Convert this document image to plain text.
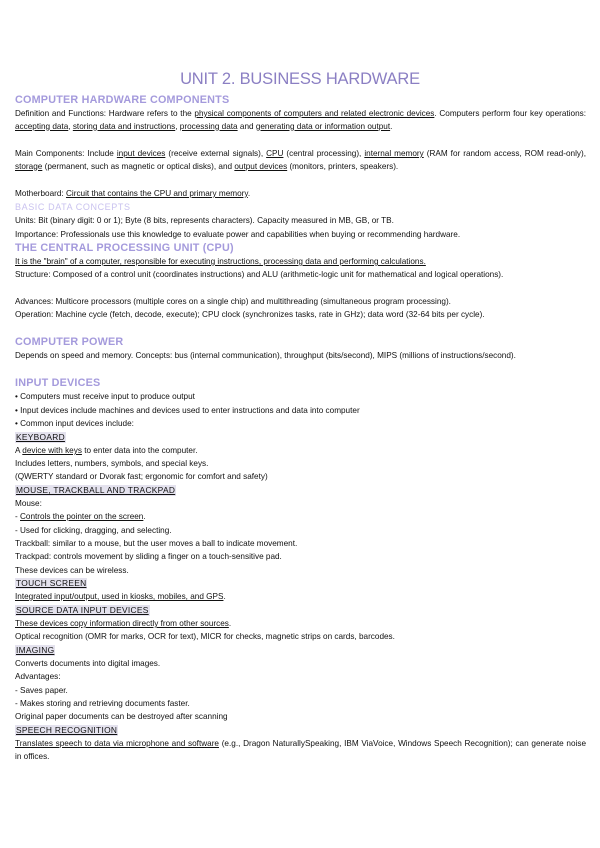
UNIT 2. BUSINESS HARDWARE
COMPUTER HARDWARE COMPONENTS
Definition and Functions: Hardware refers to the physical components of computers and related electronic devices. Computers perform four key operations: accepting data, storing data and instructions, processing data and generating data or information output.
Main Components: Include input devices (receive external signals), CPU (central processing), internal memory (RAM for random access, ROM read-only), storage (permanent, such as magnetic or optical disks), and output devices (monitors, printers, speakers).
Motherboard: Circuit that contains the CPU and primary memory.
BASIC DATA CONCEPTS
Units: Bit (binary digit: 0 or 1); Byte (8 bits, represents characters). Capacity measured in MB, GB, or TB.
Importance: Professionals use this knowledge to evaluate power and capabilities when buying or recommending hardware.
THE CENTRAL PROCESSING UNIT (CPU)
It is the "brain" of a computer, responsible for executing instructions, processing data and performing calculations.
Structure: Composed of a control unit (coordinates instructions) and ALU (arithmetic-logic unit for mathematical and logical operations).
Advances: Multicore processors (multiple cores on a single chip) and multithreading (simultaneous program processing).
Operation: Machine cycle (fetch, decode, execute); CPU clock (synchronizes tasks, rate in GHz); data word (32-64 bits per cycle).
COMPUTER POWER
Depends on speed and memory. Concepts: bus (internal communication), throughput (bits/second), MIPS (millions of instructions/second).
INPUT DEVICES
• Computers must receive input to produce output
• Input devices include machines and devices used to enter instructions and data into computer
• Common input devices include:
KEYBOARD
A device with keys to enter data into the computer.
Includes letters, numbers, symbols, and special keys.
(QWERTY standard or Dvorak fast; ergonomic for comfort and safety)
MOUSE, TRACKBALL AND TRACKPAD
Mouse:
- Controls the pointer on the screen.
- Used for clicking, dragging, and selecting.
Trackball: similar to a mouse, but the user moves a ball to indicate movement.
Trackpad: controls movement by sliding a finger on a touch-sensitive pad.
These devices can be wireless.
TOUCH SCREEN
Integrated input/output, used in kiosks, mobiles, and GPS.
SOURCE DATA INPUT DEVICES
These devices copy information directly from other sources.
Optical recognition (OMR for marks, OCR for text), MICR for checks, magnetic strips on cards, barcodes.
IMAGING
Converts documents into digital images.
Advantages:
- Saves paper.
- Makes storing and retrieving documents faster.
Original paper documents can be destroyed after scanning
SPEECH RECOGNITION
Translates speech to data via microphone and software (e.g., Dragon NaturallySpeaking, IBM ViaVoice, Windows Speech Recognition); can generate noise in offices.
